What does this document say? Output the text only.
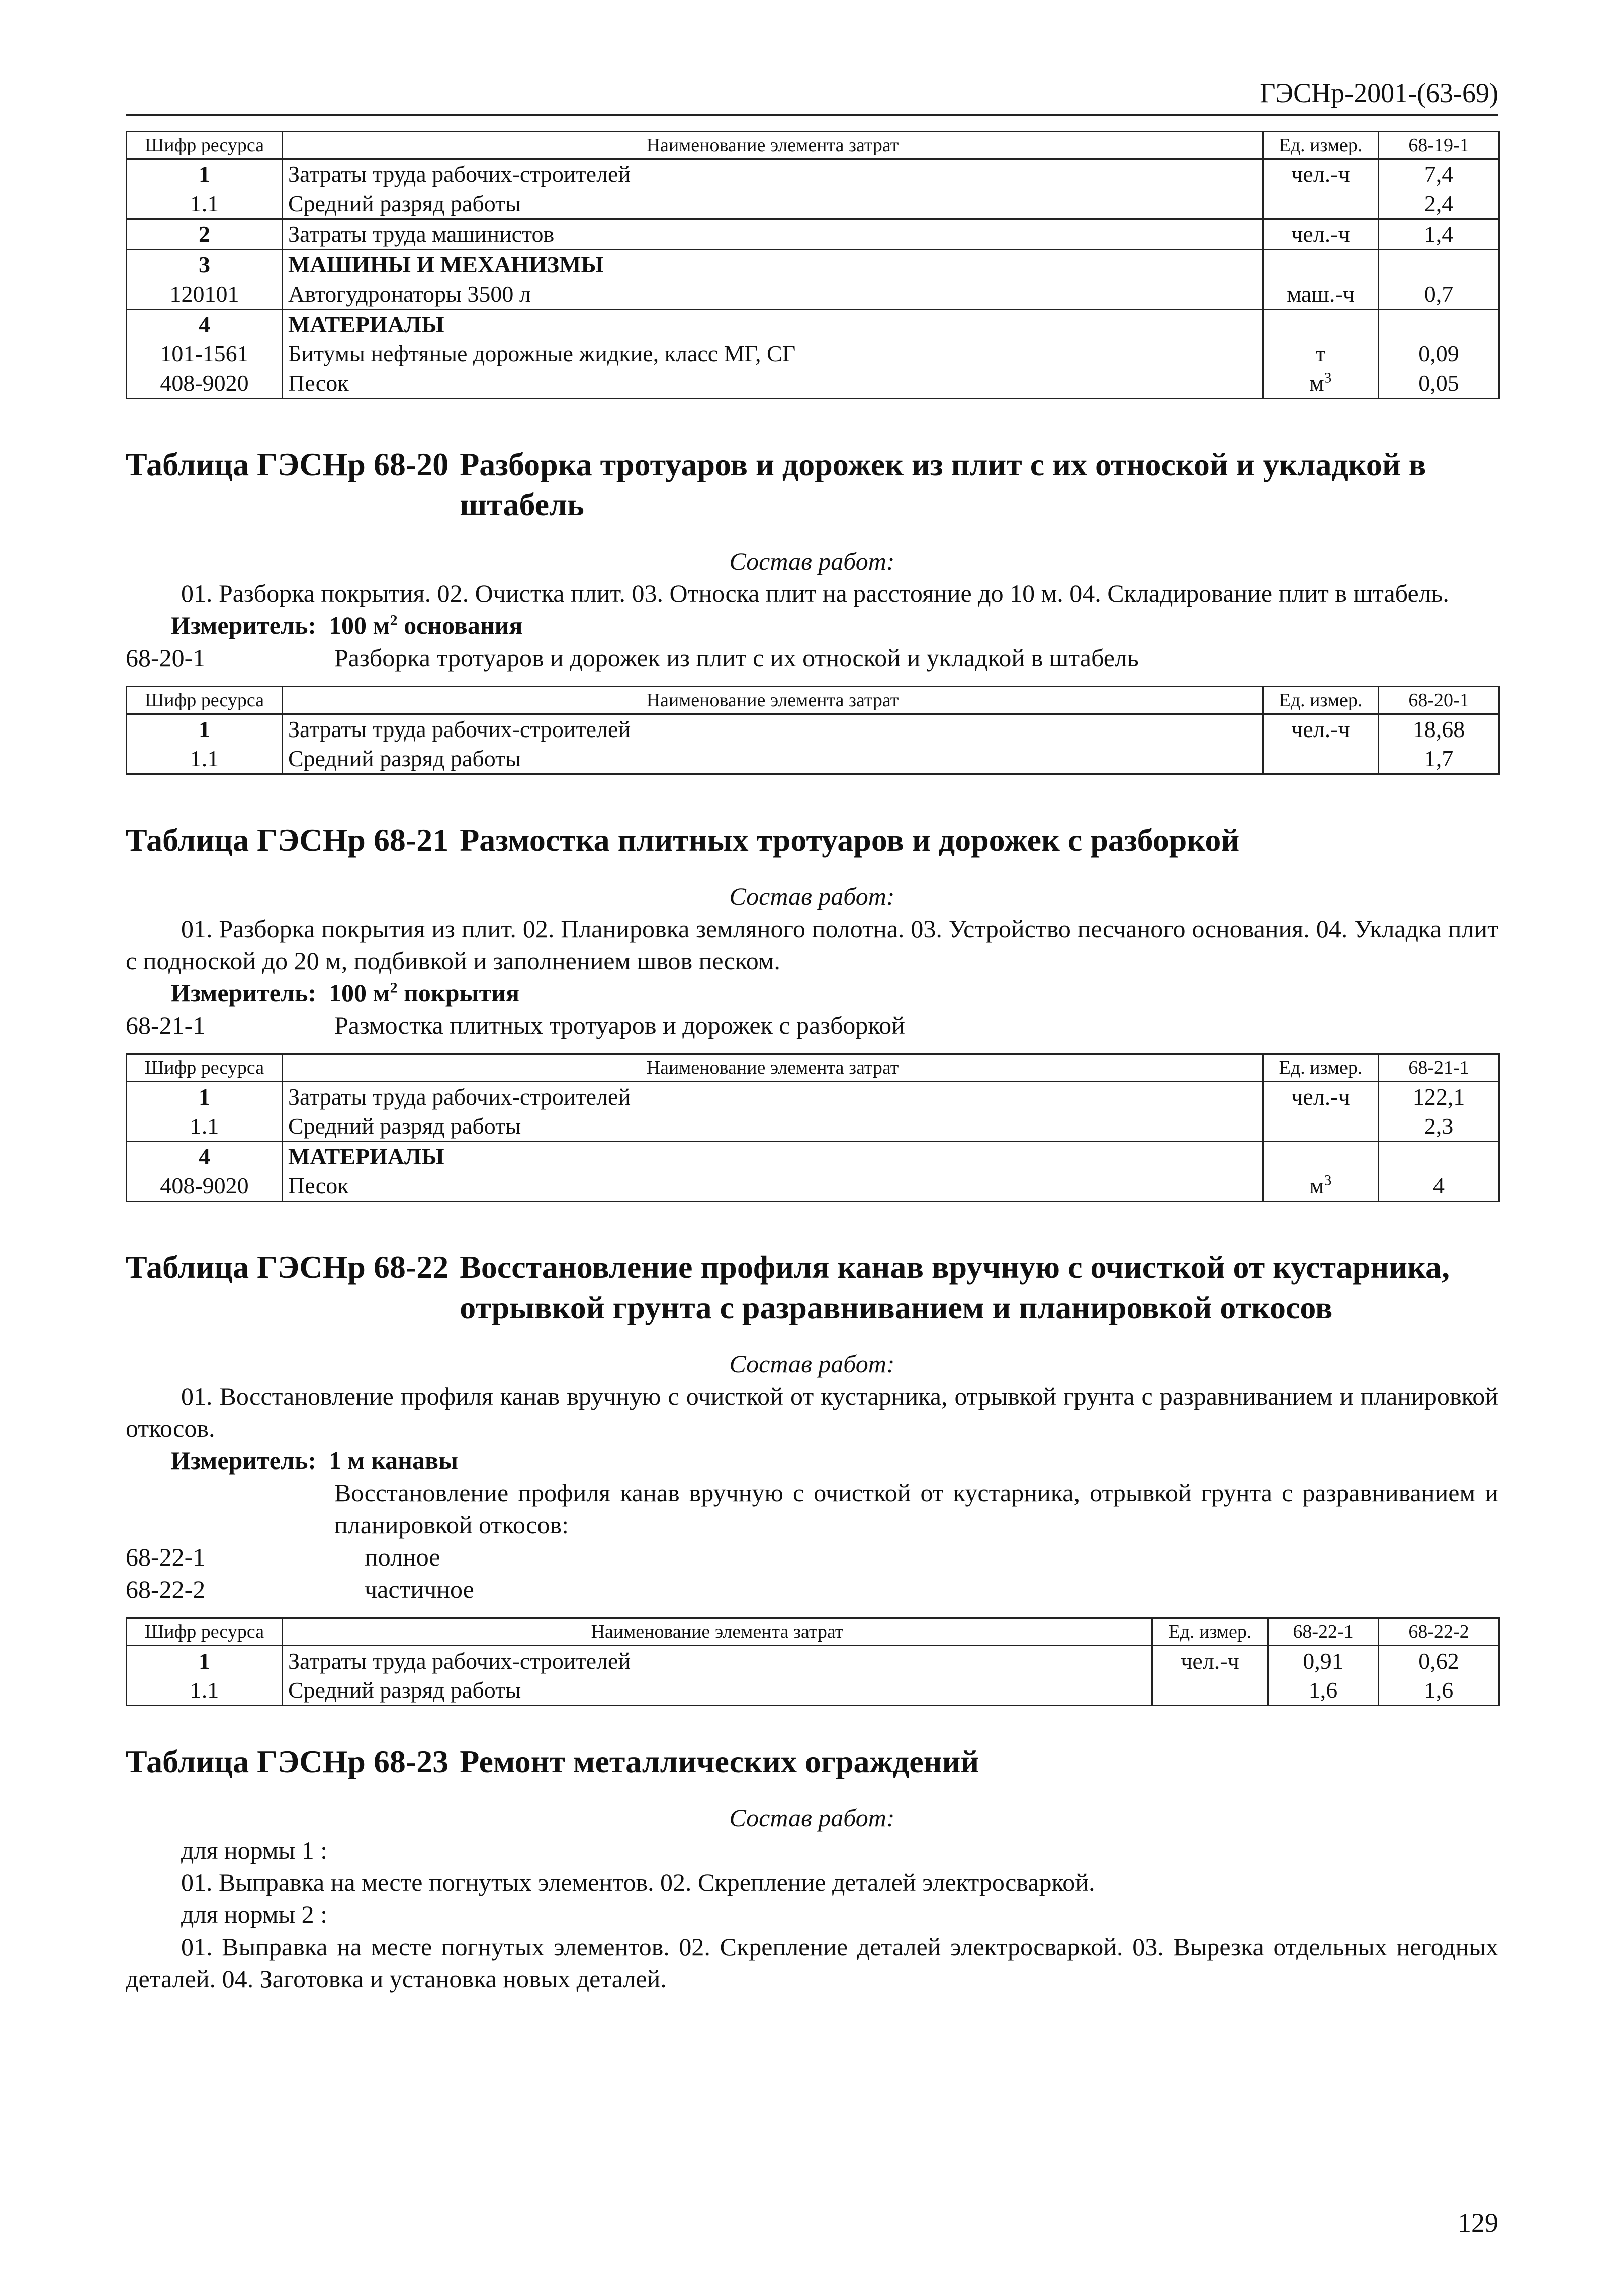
ГЭСНр-2001-(63-69)
Шифр ресурса	Наименование элемента затрат	Ед. измер.	68-19-1
1	Затраты труда рабочих-строителей	чел.-ч	7,4
1.1	Средний разряд работы		2,4
2	Затраты труда машинистов	чел.-ч	1,4
3	МАШИНЫ И МЕХАНИЗМЫ		
120101	Автогудронаторы 3500 л	маш.-ч	0,7
4	МАТЕРИАЛЫ		
101-1561	Битумы нефтяные дорожные жидкие, класс МГ, СГ	т	0,09
408-9020	Песок	$м^3$	0,05
Таблица ГЭСНр 68-20 Разборка тротуаров и дорожек из плит с их отноской и укладкой в штабель
Состав работ:

01. Разборка покрытия. 02. Очистка плит. 03. Относка плит на расстояние до 10 м. 04. Складирование плит в штабель.

Измеритель: 100 $м^2$ основания
68-20-1	Разборка тротуаров и дорожек из плит с их отноской и укладкой в штабель
Шифр ресурса	Наименование элемента затрат	Ед. измер.	68-20-1
1	Затраты труда рабочих-строителей	чел.-ч	18,68
1.1	Средний разряд работы		1,7
Таблица ГЭСНр 68-21 Размостка плитных тротуаров и дорожек с разборкой
Состав работ:

01. Разборка покрытия из плит. 02. Планировка земляного полотна. 03. Устройство песчаного основания. 04. Укладка плит с подноской до 20 м, подбивкой и заполнением швов песком.

Измеритель: 100 $м^2$ покрытия
68-21-1	Размостка плитных тротуаров и дорожек с разборкой
Шифр ресурса	Наименование элемента затрат	Ед. измер.	68-21-1
1	Затраты труда рабочих-строителей	чел.-ч	122,1
1.1	Средний разряд работы		2,3
4	МАТЕРИАЛЫ		
408-9020	Песок	$м^3$	4
Таблица ГЭСНр 68-22 Восстановление профиля канав вручную с очисткой от кустарника, отрывкой грунта с разравниванием и планировкой откосов
Состав работ:

01. Восстановление профиля канав вручную с очисткой от кустарника, отрывкой грунта с разравниванием и планировкой откосов.

Измеритель: 1 м канавы

Восстановление профиля канав вручную с очисткой от кустарника, отрывкой грунта с разравниванием и планировкой откосов:

68-22-1	полное
68-22-2	частичное
Шифр ресурса	Наименование элемента затрат	Ед. измер.	68-22-1	68-22-2
1	Затраты труда рабочих-строителей	чел.-ч	0,91	0,62
1.1	Средний разряд работы		1,6	1,6
Таблица ГЭСНр 68-23 Ремонт металлических ограждений
Состав работ:

для нормы 1 :

01. Выправка на месте погнутых элементов. 02. Скрепление деталей электросваркой.

для нормы 2 :

01. Выправка на месте погнутых элементов. 02. Скрепление деталей электросваркой. 03. Вырезка отдельных негодных деталей. 04. Заготовка и установка новых деталей.

129
